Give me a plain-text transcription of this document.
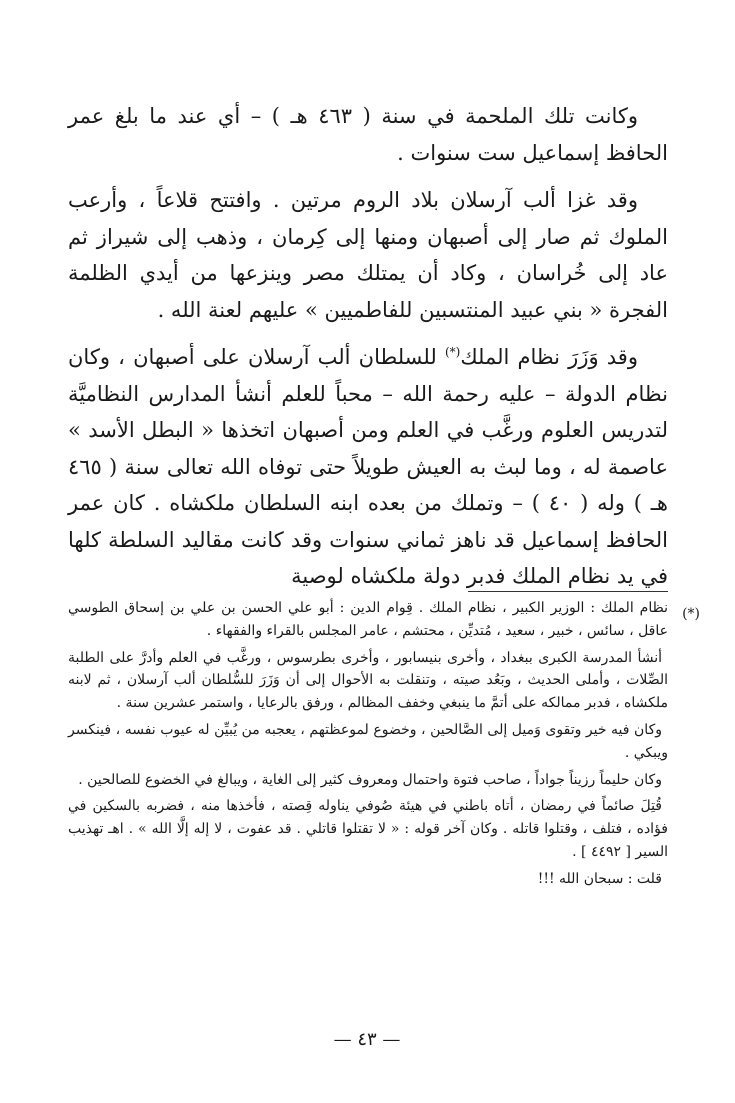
وكانت تلك الملحمة في سنة ( ٤٦٣ هـ ) – أي عند ما بلغ عمر الحافظ إسماعيل ست سنوات .

وقد غزا ألب آرسلان بلاد الروم مرتين . وافتتح قلاعاً ، وأرعب الملوك ثم صار إلى أصبهان ومنها إلى كِرمان ، وذهب إلى شيراز ثم عاد إلى خُراسان ، وكاد أن يمتلك مصر وينزعها من أيدي الظلمة الفجرة « بني عبيد المنتسبين للفاطميين » عليهم لعنة الله .

وقد وَزَرَ نظام الملك(*) للسلطان ألب آرسلان على أصبهان ، وكان نظام الدولة – عليه رحمة الله – محباً للعلم أنشأ المدارس النظاميَّة لتدريس العلوم ورغَّب في العلم ومن أصبهان اتخذها « البطل الأسد » عاصمة له ، وما لبث به العيش طويلاً حتى توفاه الله تعالى سنة ( ٤٦٥ هـ ) وله ( ٤٠ ) – وتملك من بعده ابنه السلطان ملكشاه . كان عمر الحافظ إسماعيل قد ناهز ثماني سنوات وقد كانت مقاليد السلطة كلها في يد نظام الملك فدبر دولة ملكشاه لوصية

(*)

نظام الملك : الوزير الكبير ، نظام الملك . قِوام الدين : أبو علي الحسن بن علي بن إسحاق الطوسي عاقل ، سائس ، خبير ، سعيد ، مُتديِّن ، محتشم ، عامر المجلس بالقراء والفقهاء .

أنشأ المدرسة الكبرى ببغداد ، وأخرى بنيسابور ، وأخرى بطرسوس ، ورغَّب في العلم وأدرَّ على الطلبة الصِّلات ، وأملى الحديث ، وبَعُد صيته ، وتنقلت به الأحوال إلى أن وَزَرَ للسُّلطان ألب آرسلان ، ثم لابنه ملكشاه ، فدبر ممالكه على أتمَّ ما ينبغي وخفف المظالم ، ورفق بالرعايا ، واستمر عشرين سنة .

وكان فيه خير وتقوى وَميل إلى الصَّالحين ، وخضوع لموعظتهم ، يعجبه من يُبيِّن له عيوب نفسه ، فينكسر ويبكي .

وكان حليماً رزيناً جواداً ، صاحب فتوة واحتمال ومعروف كثير إلى الغاية ، ويبالغ في الخضوع للصالحين .

قُتِلَ صائماً في رمضان ، أتاه باطني في هيئة صُوفي يناوله قِصته ، فأخذها منه ، فضربه بالسكين في فؤاده ، فتلف ، وقتلوا قاتله . وكان آخر قوله : « لا تقتلوا قاتلي . قد عفوت ، لا إله إلَّا الله » . اهـ تهذيب السير [ ٤٤٩٢ ] .

قلت : سبحان الله !!!

— ٤٣ —
